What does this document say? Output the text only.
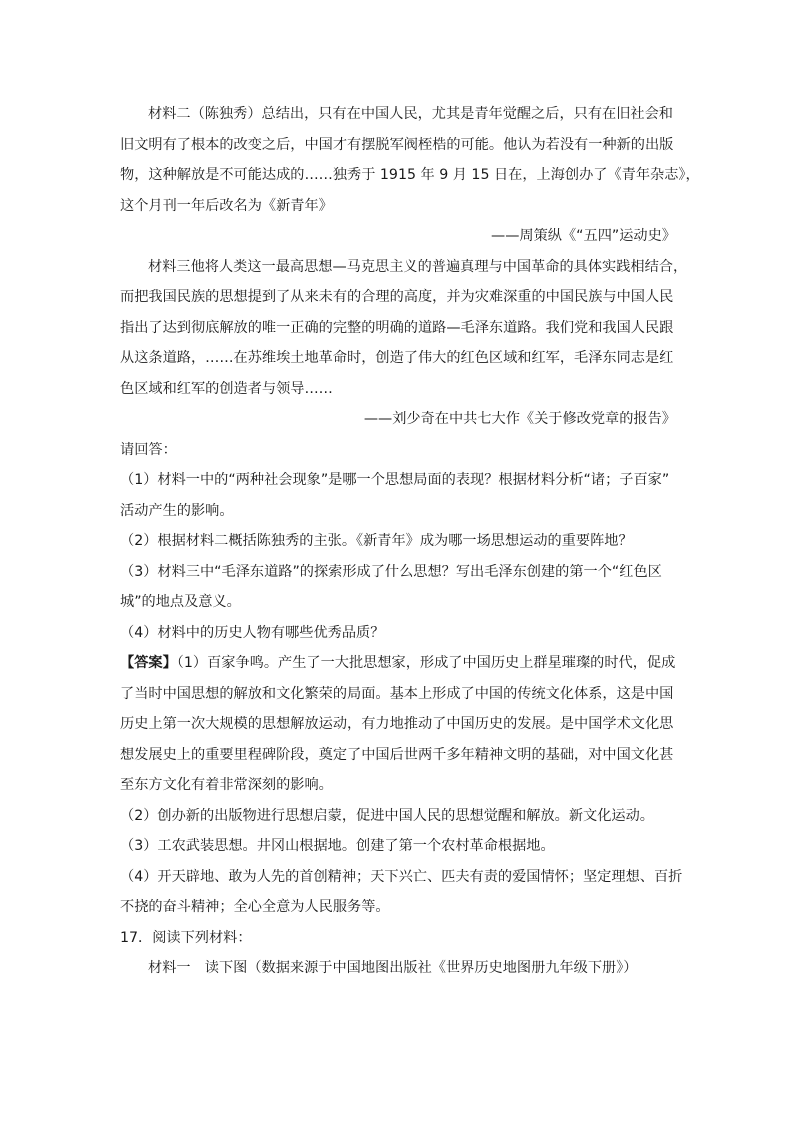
材料二（陈独秀）总结出，只有在中国人民，尤其是青年觉醒之后，只有在旧社会和

旧文明有了根本的改变之后，中国才有摆脱军阀桎梏的可能。他认为若没有一种新的出版

物，这种解放是不可能达成的……独秀于 1915 年 9 月 15 日在，上海创办了《青年杂志》，

这个月刊一年后改名为《新青年》

——周策纵《“五四”运动史》

材料三他将人类这一最高思想—马克思主义的普遍真理与中国革命的具体实践相结合，

而把我国民族的思想提到了从来未有的合理的高度，并为灾难深重的中国民族与中国人民

指出了达到彻底解放的唯一正确的完整的明确的道路—毛泽东道路。我们党和我国人民跟

从这条道路，……在苏维埃土地革命时，创造了伟大的红色区域和红军，毛泽东同志是红

色区域和红军的创造者与领导……

——刘少奇在中共七大作《关于修改党章的报告》

请回答：

（1）材料一中的“两种社会现象”是哪一个思想局面的表现？根据材料分析“诸；子百家”

活动产生的影响。

（2）根据材料二概括陈独秀的主张。《新青年》成为哪一场思想运动的重要阵地？

（3）材料三中“毛泽东道路”的探索形成了什么思想？写出毛泽东创建的第一个“红色区

城”的地点及意义。

（4）材料中的历史人物有哪些优秀品质？

【答案】（1）百家争鸣。产生了一大批思想家，形成了中国历史上群星璀璨的时代，促成

了当时中国思想的解放和文化繁荣的局面。基本上形成了中国的传统文化体系，这是中国

历史上第一次大规模的思想解放运动，有力地推动了中国历史的发展。是中国学术文化思

想发展史上的重要里程碑阶段，奠定了中国后世两千多年精神文明的基础，对中国文化甚

至东方文化有着非常深刻的影响。

（2）创办新的出版物进行思想启蒙，促进中国人民的思想觉醒和解放。新文化运动。

（3）工农武装思想。井冈山根据地。创建了第一个农村革命根据地。

（4）开天辟地、敢为人先的首创精神；天下兴亡、匹夫有责的爱国情怀；坚定理想、百折

不挠的奋斗精神；全心全意为人民服务等。

17．阅读下列材料：

材料一　读下图（数据来源于中国地图出版社《世界历史地图册九年级下册》）
